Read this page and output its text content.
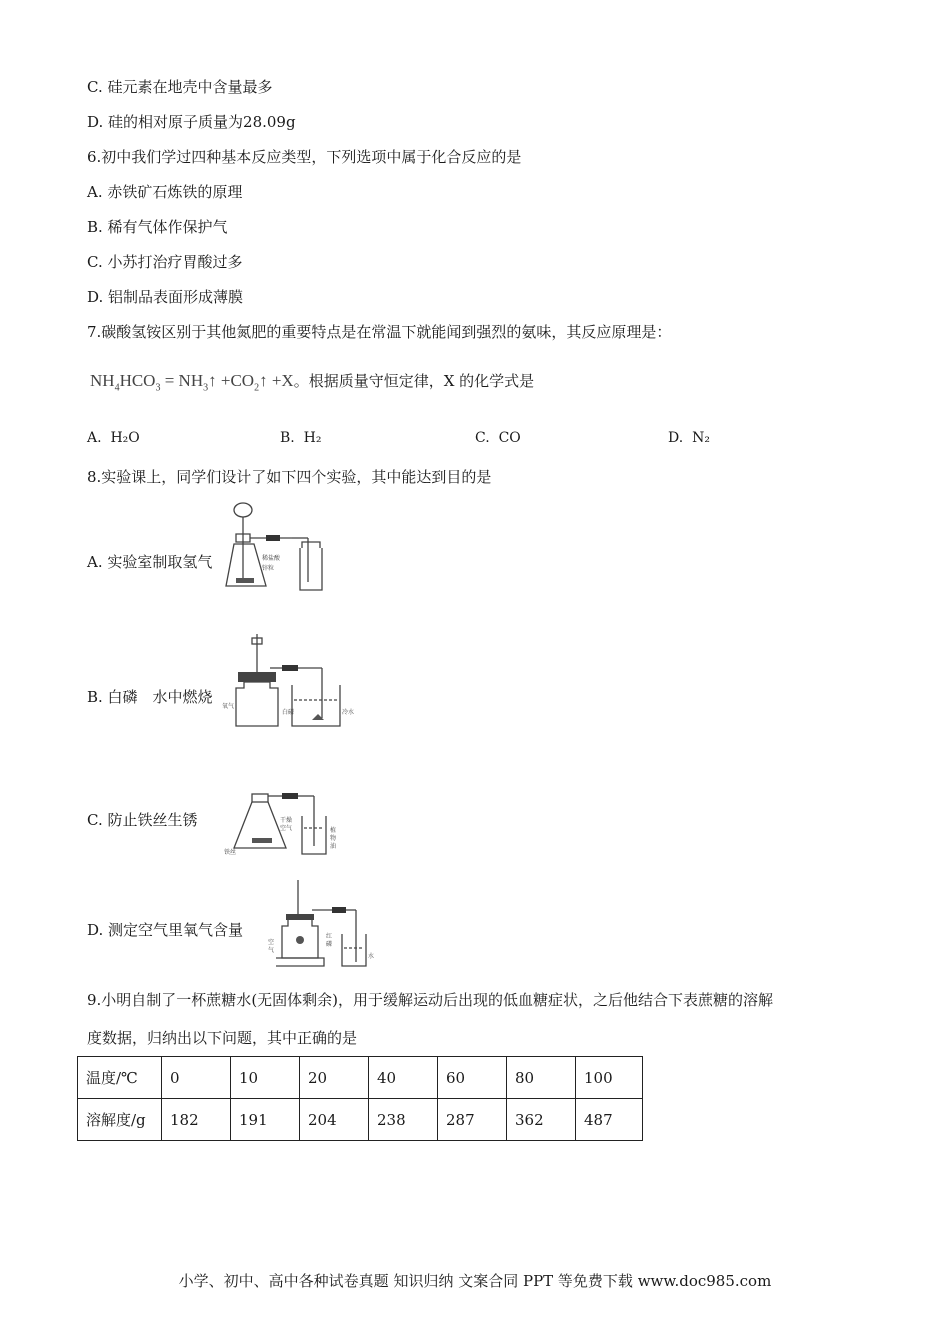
C. 硅元素在地壳中含量最多
D. 硅的相对原子质量为28.09g
6.初中我们学过四种基本反应类型，下列选项中属于化合反应的是
A. 赤铁矿石炼铁的原理
B. 稀有气体作保护气
C. 小苏打治疗胃酸过多
D. 铝制品表面形成薄膜
7.碳酸氢铵区别于其他氮肥的重要特点是在常温下就能闻到强烈的氨味，其反应原理是：
$NH_4HCO_3$ = $NH_3↑$ $+CO_2↑ +X$。根据质量守恒定律，X 的化学式是
A. H₂O	B. H₂	C. CO	D. N₂
8.实验课上，同学们设计了如下四个实验，其中能达到目的是
A. 实验室制取氢气	稀盐酸
锌粒
B. 白磷　水中燃烧
氧气
白磷	冷水
C. 防止铁丝生锈
铁丝
干燥
空气	植
物
油
D. 测定空气里氧气含量
空
气
红
磷
水
9.小明自制了一杯蔗糖水(无固体剩余)，用于缓解运动后出现的低血糖症状，之后他结合下表蔗糖的溶解
度数据，归纳出以下问题，其中正确的是
温度/℃	0	10	20	40	60	80	100
溶解度/g	182	191	204	238	287	362	487
小学、初中、高中各种试卷真题 知识归纳 文案合同 PPT 等免费下载 www.doc985.com
